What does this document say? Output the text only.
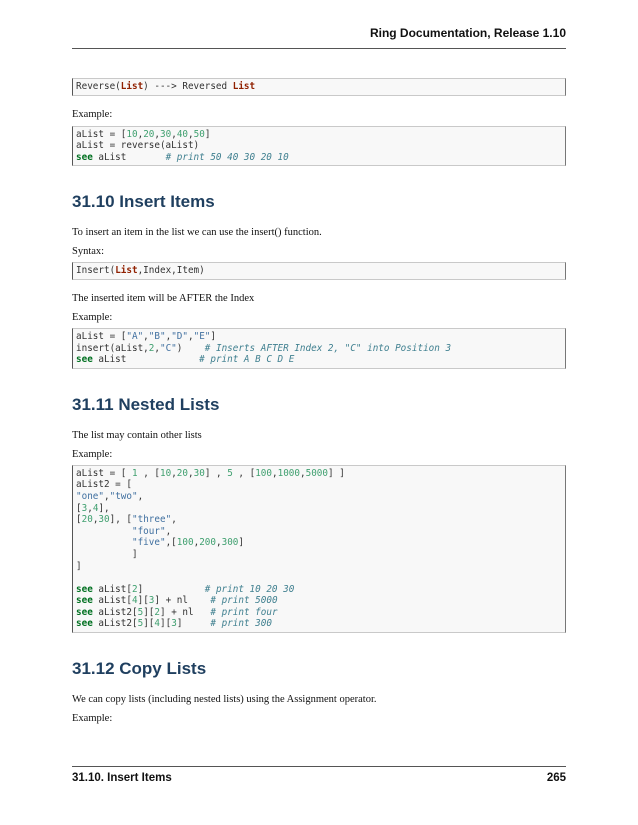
Ring Documentation, Release 1.10
Reverse(List) ---> Reversed List

Example:

aList = [10,20,30,40,50]
aList = reverse(aList)
see aList       # print 50 40 30 20 10
31.10 Insert Items

To insert an item in the list we can use the insert() function.

Syntax:

Insert(List,Index,Item)

The inserted item will be AFTER the Index

Example:

aList = ["A","B","D","E"]
insert(aList,2,"C")    # Inserts AFTER Index 2, "C" into Position 3
see aList             # print A B C D E
31.11 Nested Lists

The list may contain other lists

Example:

aList = [ 1 , [10,20,30] , 5 , [100,1000,5000] ]
aList2 = [
"one","two",
[3,4],
[20,30], ["three",
"four",
"five",[100,200,300]
]
]

see aList[2]           # print 10 20 30
see aList[4][3] + nl    # print 5000
see aList2[5][2] + nl   # print four
see aList2[5][4][3]     # print 300
31.12 Copy Lists

We can copy lists (including nested lists) using the Assignment operator.

Example:

31.10. Insert Items	265
